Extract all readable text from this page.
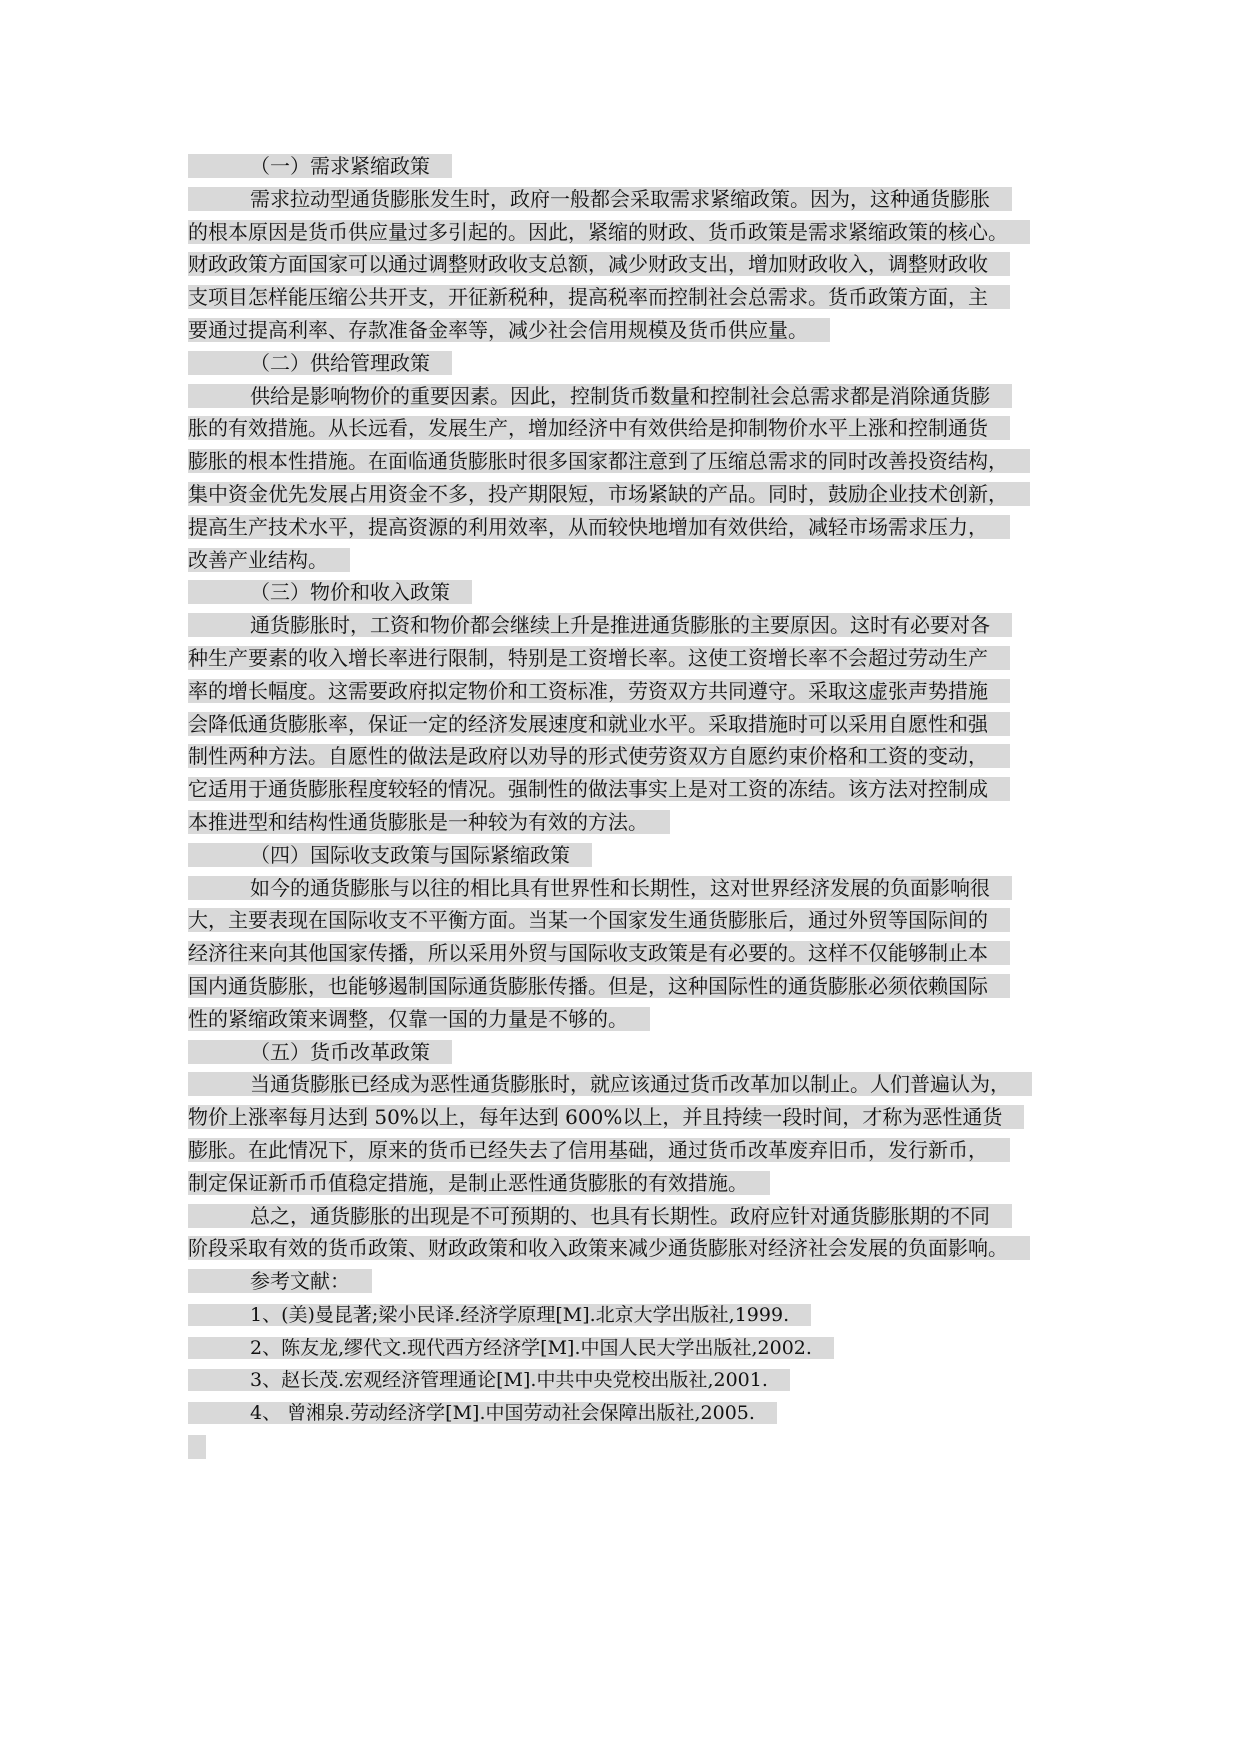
（一）需求紧缩政策
需求拉动型通货膨胀发生时，政府一般都会采取需求紧缩政策。因为，这种通货膨胀
的根本原因是货币供应量过多引起的。因此，紧缩的财政、货币政策是需求紧缩政策的核心。
财政政策方面国家可以通过调整财政收支总额，减少财政支出，增加财政收入，调整财政收
支项目怎样能压缩公共开支，开征新税种，提高税率而控制社会总需求。货币政策方面，主
要通过提高利率、存款准备金率等，减少社会信用规模及货币供应量。
（二）供给管理政策
供给是影响物价的重要因素。因此，控制货币数量和控制社会总需求都是消除通货膨
胀的有效措施。从长远看，发展生产，增加经济中有效供给是抑制物价水平上涨和控制通货
膨胀的根本性措施。在面临通货膨胀时很多国家都注意到了压缩总需求的同时改善投资结构，
集中资金优先发展占用资金不多，投产期限短，市场紧缺的产品。同时，鼓励企业技术创新，
提高生产技术水平，提高资源的利用效率，从而较快地增加有效供给，减轻市场需求压力，
改善产业结构。
（三）物价和收入政策
通货膨胀时，工资和物价都会继续上升是推进通货膨胀的主要原因。这时有必要对各
种生产要素的收入增长率进行限制，特别是工资增长率。这使工资增长率不会超过劳动生产
率的增长幅度。这需要政府拟定物价和工资标准，劳资双方共同遵守。采取这虚张声势措施
会降低通货膨胀率，保证一定的经济发展速度和就业水平。采取措施时可以采用自愿性和强
制性两种方法。自愿性的做法是政府以劝导的形式使劳资双方自愿约束价格和工资的变动，
它适用于通货膨胀程度较轻的情况。强制性的做法事实上是对工资的冻结。该方法对控制成
本推进型和结构性通货膨胀是一种较为有效的方法。
（四）国际收支政策与国际紧缩政策
如今的通货膨胀与以往的相比具有世界性和长期性，这对世界经济发展的负面影响很
大，主要表现在国际收支不平衡方面。当某一个国家发生通货膨胀后，通过外贸等国际间的
经济往来向其他国家传播，所以采用外贸与国际收支政策是有必要的。这样不仅能够制止本
国内通货膨胀，也能够遏制国际通货膨胀传播。但是，这种国际性的通货膨胀必须依赖国际
性的紧缩政策来调整，仅靠一国的力量是不够的。
（五）货币改革政策
当通货膨胀已经成为恶性通货膨胀时，就应该通过货币改革加以制止。人们普遍认为，
物价上涨率每月达到 50%以上，每年达到 600%以上，并且持续一段时间，才称为恶性通货
膨胀。在此情况下，原来的货币已经失去了信用基础，通过货币改革废弃旧币，发行新币，
制定保证新币币值稳定措施，是制止恶性通货膨胀的有效措施。
总之，通货膨胀的出现是不可预期的、也具有长期性。政府应针对通货膨胀期的不同
阶段采取有效的货币政策、财政政策和收入政策来减少通货膨胀对经济社会发展的负面影响。
参考文献：
1、(美)曼昆著;梁小民译.经济学原理[M].北京大学出版社,1999.
2、陈友龙,缪代文.现代西方经济学[M].中国人民大学出版社,2002.
3、赵长茂.宏观经济管理通论[M].中共中央党校出版社,2001.
4、 曾湘泉.劳动经济学[M].中国劳动社会保障出版社,2005.
